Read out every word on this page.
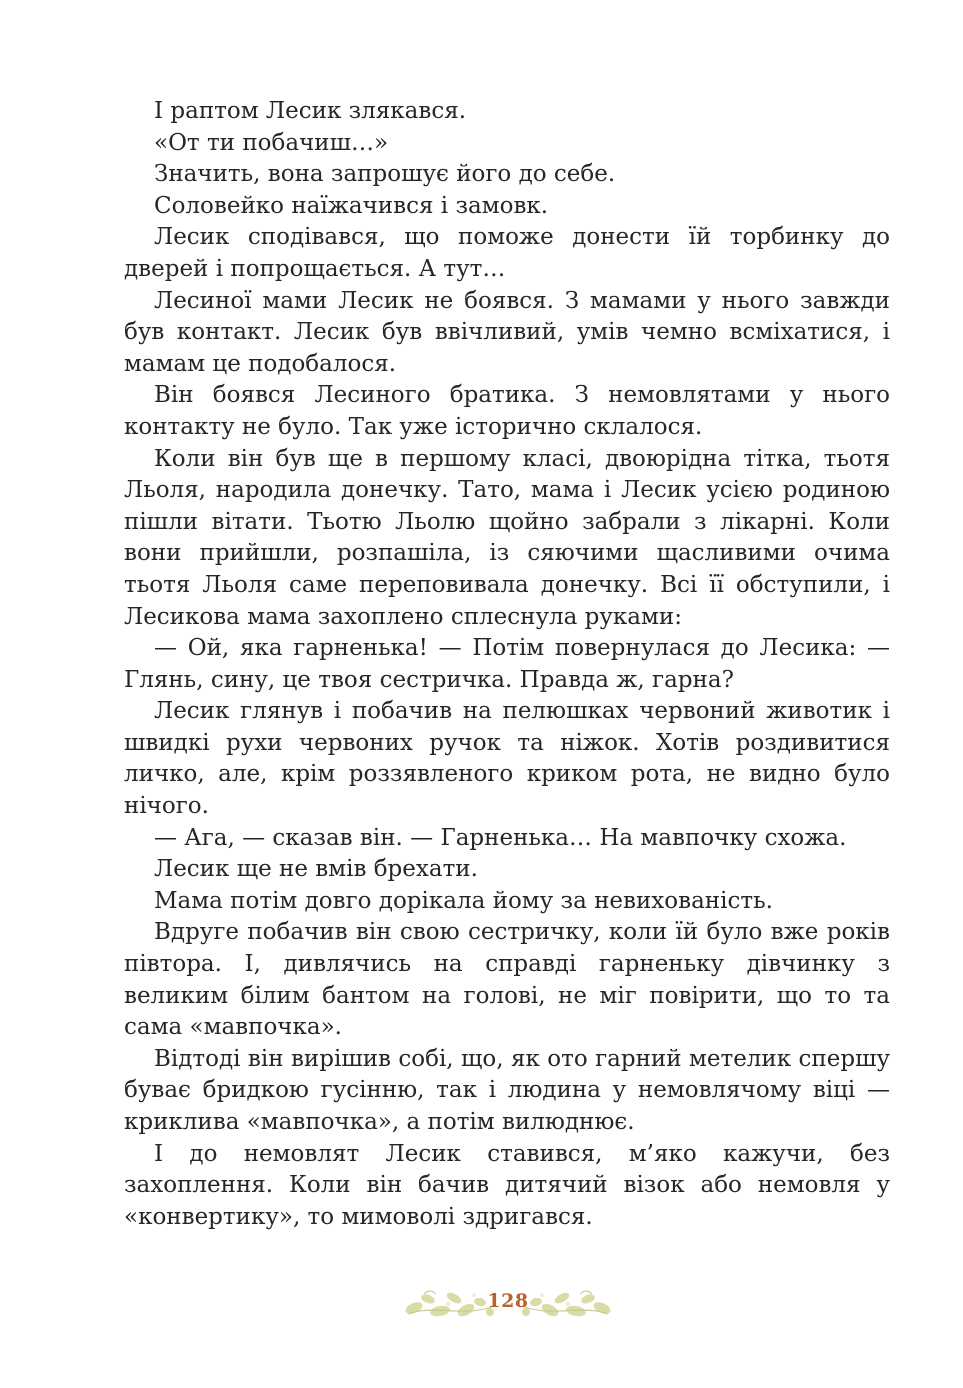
І раптом Лесик злякався.

«От ти побачиш…»

Значить, вона запрошує його до себе.

Соловейко наїжачився і замовк.

Лесик сподівався, що поможе донести їй торбинку до дверей і попрощається. А тут…

Лесиної мами Лесик не боявся. З мамами у нього завжди був контакт. Лесик був ввічливий, умів чемно всміхатися, і мамам це подобалося.

Він боявся Лесиного братика. З немовлятами у нього контакту не було. Так уже історично склалося.

Коли він був ще в першому класі, двоюрідна тітка, тьотя Льоля, народила донечку. Тато, мама і Лесик усією родиною пішли вітати. Тьотю Льолю щойно забрали з лікарні. Коли вони прийшли, розпашіла, із сяючими щасливими очима тьотя Льоля саме переповивала донечку. Всі її обступили, і Лесикова мама захоплено сплеснула руками:

— Ой, яка гарненька! — Потім повернулася до Лесика: — Глянь, сину, це твоя сестричка. Правда ж, гарна?

Лесик глянув і побачив на пелюшках червоний животик і швидкі рухи червоних ручок та ніжок. Хотів роздивитися личко, але, крім роззявленого криком рота, не видно було нічого.

— Ага, — сказав він. — Гарненька… На мавпочку схожа.

Лесик ще не вмів брехати.

Мама потім довго дорікала йому за невихованість.

Вдруге побачив він свою сестричку, коли їй було вже років півтора. І, дивлячись на справді гарненьку дівчинку з великим білим бантом на голові, не міг повірити, що то та сама «мавпочка».

Відтоді він вирішив собі, що, як ото гарний метелик спершу буває бридкою гусінню, так і людина у немовлячому віці — криклива «мавпочка», а потім вилюднює.

І до немовлят Лесик ставився, м’яко кажучи, без захоплення. Коли він бачив дитячий візок або немовля у «конвертику», то мимоволі здригався.

128
